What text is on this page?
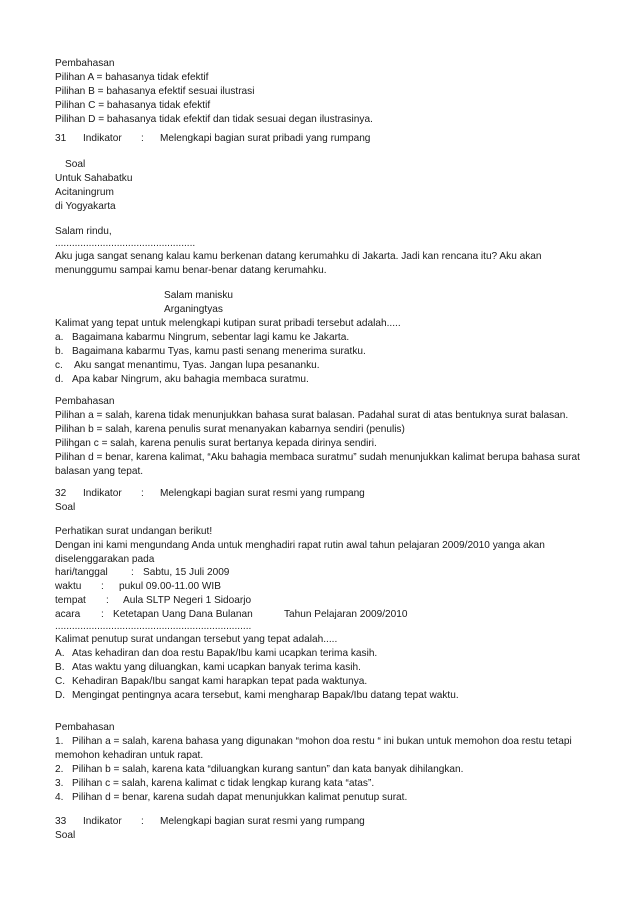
Pembahasan
Pilihan A = bahasanya tidak efektif
Pilihan B = bahasanya efektif sesuai ilustrasi
Pilihan C = bahasanya tidak efektif
Pilihan D = bahasanya tidak efektif dan tidak sesuai degan ilustrasinya.
31 Indikator : Melengkapi bagian surat pribadi yang rumpang
Soal
Untuk Sahabatku
Acitaningrum
di Yogyakarta
Salam rindu,
..................................................
Aku juga sangat senang kalau kamu berkenan datang kerumahku di Jakarta. Jadi kan rencana itu? Aku akan
menunggumu sampai kamu benar-benar datang kerumahku.
Salam manisku
Arganingtyas
Kalimat yang tepat untuk melengkapi kutipan surat pribadi tersebut adalah.....
a. Bagaimana kabarmu Ningrum, sebentar lagi kamu ke Jakarta.
b. Bagaimana kabarmu Tyas, kamu pasti senang menerima suratku.
c. Aku sangat menantimu, Tyas. Jangan lupa pesananku.
d. Apa kabar Ningrum, aku bahagia membaca suratmu.
Pembahasan
Pilihan a = salah, karena tidak menunjukkan bahasa surat balasan. Padahal surat di atas bentuknya surat balasan.
Pilihan b = salah, karena penulis surat menanyakan kabarnya sendiri (penulis)
Pilihgan c = salah, karena penulis surat bertanya kepada dirinya sendiri.
Pilihan d = benar, karena kalimat, “Aku bahagia membaca suratmu” sudah menunjukkan kalimat berupa bahasa surat
balasan yang tepat.
32 Indikator : Melengkapi bagian surat resmi yang rumpang
Soal
Perhatikan surat undangan berikut!
Dengan ini kami mengundang Anda untuk menghadiri rapat rutin awal tahun pelajaran 2009/2010 yanga akan
diselenggarakan pada
hari/tanggal : Sabtu, 15 Juli 2009
waktu : pukul 09.00-11.00 WIB
tempat : Aula SLTP Negeri 1 Sidoarjo
acara : Ketetapan Uang Dana Bulanan	Tahun Pelajaran 2009/2010
......................................................................
Kalimat penutup surat undangan tersebut yang tepat adalah.....
A. Atas kehadiran dan doa restu Bapak/Ibu kami ucapkan terima kasih.
B. Atas waktu yang diluangkan, kami ucapkan banyak terima kasih.
C. Kehadiran Bapak/Ibu sangat kami harapkan tepat pada waktunya.
D. Mengingat pentingnya acara tersebut, kami mengharap Bapak/Ibu datang tepat waktu.
Pembahasan
1. Pilihan a = salah, karena bahasa yang digunakan “mohon doa restu “ ini bukan untuk memohon doa restu tetapi
memohon kehadiran untuk rapat.
2. Pilihan b = salah, karena kata “diluangkan kurang santun” dan kata banyak dihilangkan.
3. Pilihan c = salah, karena kalimat c tidak lengkap kurang kata “atas”.
4. Pilihan d = benar, karena sudah dapat menunjukkan kalimat penutup surat.
33 Indikator : Melengkapi bagian surat resmi yang rumpang
Soal
